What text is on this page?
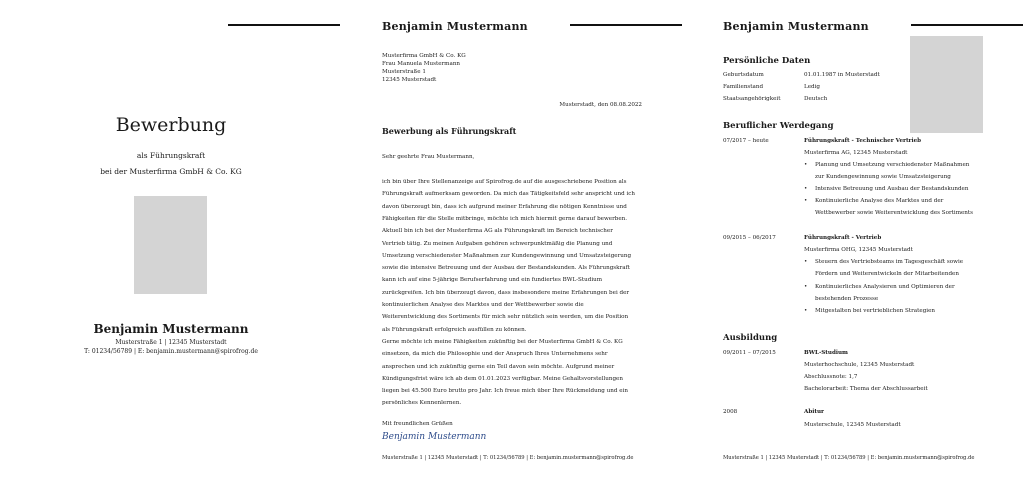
Bewerbung
als Führungskraft
bei der Musterfirma GmbH & Co. KG
Benjamin Mustermann
Musterstraße 1 | 12345 Musterstadt
T: 01234/56789 | E: benjamin.mustermann@spirofrog.de
Benjamin Mustermann
Musterfirma GmbH & Co. KG
Frau Manuela Mustermann
Musterstraße 1
12345 Musterstadt
Musterstadt, den 08.08.2022
Bewerbung als Führungskraft
Sehr geehrte Frau Mustermann,
ich bin über Ihre Stellenanzeige auf Spirofrog.de auf die ausgeschriebene Position als
Führungskraft aufmerksam geworden. Da mich das Tätigkeitsfeld sehr anspricht und ich
davon überzeugt bin, dass ich aufgrund meiner Erfahrung die nötigen Kenntnisse und
Fähigkeiten für die Stelle mitbringe, möchte ich mich hiermit gerne darauf bewerben.
Aktuell bin ich bei der Musterfirma AG als Führungskraft im Bereich technischer
Vertrieb tätig. Zu meinen Aufgaben gehören schwerpunktmäßig die Planung und
Umsetzung verschiedenster Maßnahmen zur Kundengewinnung und Umsatzsteigerung
sowie die intensive Betreuung und der Ausbau der Bestandskunden. Als Führungskraft
kann ich auf eine 5-jährige Berufserfahrung und ein fundiertes BWL-Studium
zurückgreifen. Ich bin überzeugt davon, dass insbesondere meine Erfahrungen bei der
kontinuierlichen Analyse des Marktes und der Wettbewerber sowie die
Weiterentwicklung des Sortiments für mich sehr nützlich sein werden, um die Position
als Führungskraft erfolgreich ausfüllen zu können.
Gerne möchte ich meine Fähigkeiten zukünftig bei der Musterfirma GmbH & Co. KG
einsetzen, da mich die Philosophie und der Anspruch Ihres Unternehmens sehr
ansprechen und ich zukünftig gerne ein Teil davon sein möchte. Aufgrund meiner
Kündigungsfrist wäre ich ab dem 01.01.2023 verfügbar. Meine Gehaltsvorstellungen
liegen bei 45.500 Euro brutto pro Jahr. Ich freue mich über Ihre Rückmeldung und ein
persönliches Kennenlernen.
Mit freundlichen Grüßen
Benjamin Mustermann
Musterstraße 1 | 12345 Musterstadt | T: 01234/56789 | E: benjamin.mustermann@spirofrog.de
Benjamin Mustermann
Persönliche Daten
Geburtsdatum	01.01.1987 in Musterstadt
Familienstand	Ledig
Staatsangehörigkeit	Deutsch
Beruflicher Werdegang
07/2017 – heute	Führungskraft - Technischer Vertrieb
Musterfirma AG, 12345 Musterstadt
• Planung und Umsetzung verschiedenster Maßnahmen
zur Kundengewinnung sowie Umsatzsteigerung
• Intensive Betreuung und Ausbau der Bestandskunden
• Kontinuierliche Analyse des Marktes und der
Wettbewerber sowie Weiterentwicklung des Sortiments
09/2015 – 06/2017	Führungskraft - Vertrieb
Musterfirma OHG, 12345 Musterstadt
• Steuern des Vertriebsteams im Tagesgeschäft sowie
Fördern und Weiterentwickeln der Mitarbeitenden
• Kontinuierliches Analysieren und Optimieren der
bestehenden Prozesse
• Mitgestalten bei vertrieblichen Strategien
Ausbildung
09/2011 – 07/2015	BWL-Studium
Musterhochschule, 12345 Musterstadt
Abschlussnote: 1,7
Bachelorarbeit: Thema der Abschlussarbeit
2008	Abitur
Musterschule, 12345 Musterstadt
Musterstraße 1 | 12345 Musterstadt | T: 01234/56789 | E: benjamin.mustermann@spirofrog.de
